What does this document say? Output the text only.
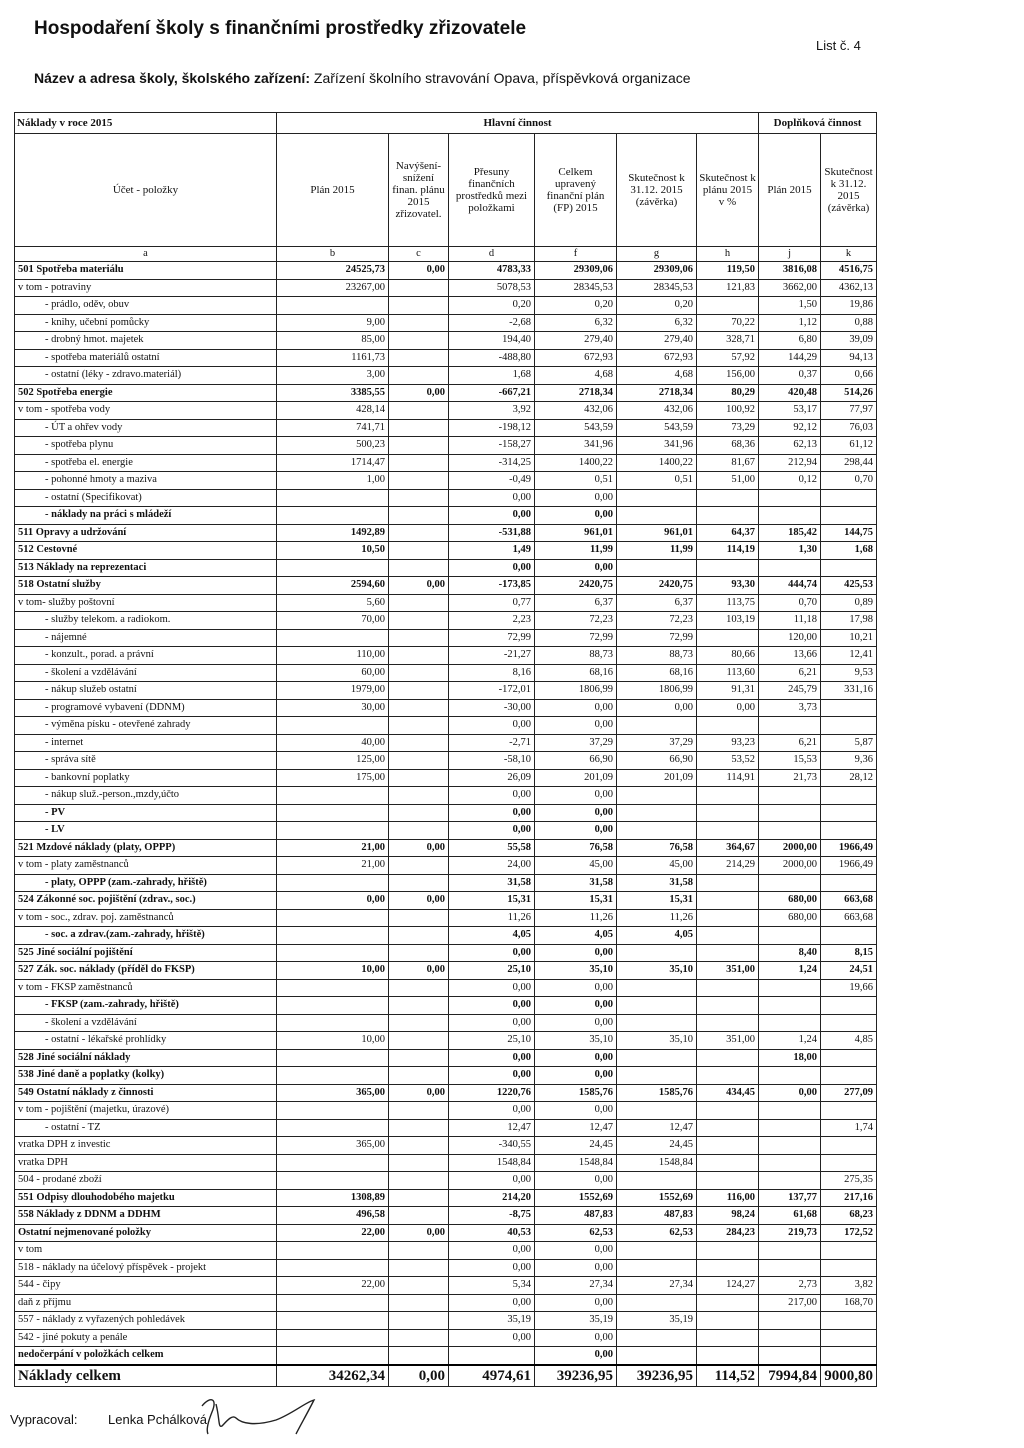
Hospodaření školy s finančními prostředky zřizovatele
List č. 4
Název a adresa školy, školského zařízení: Zařízení školního stravování Opava, příspěvková organizace
Náklady v roce 2015	Hlavní činnost						Doplňková činnost	
Účet - položky	Plán 2015	Navýšení-snížení finan. plánu 2015 zřizovatel.	Přesuny finančních prostředků mezi položkami	Celkem upravený finanční plán (FP) 2015	Skutečnost k 31.12. 2015 (závěrka)	Skutečnost k plánu 2015 v %	Plán 2015	Skutečnost k 31.12. 2015 (závěrka)
a	b	c	d	f	g	h	j	k
501 Spotřeba materiálu	24525,73	0,00	4783,33	29309,06	29309,06	119,50	3816,08	4516,75
v tom - potraviny	23267,00		5078,53	28345,53	28345,53	121,83	3662,00	4362,13
- prádlo, oděv, obuv			0,20	0,20	0,20		1,50	19,86
- knihy, učební pomůcky	9,00		-2,68	6,32	6,32	70,22	1,12	0,88
- drobný hmot. majetek	85,00		194,40	279,40	279,40	328,71	6,80	39,09
- spotřeba materiálů ostatní	1161,73		-488,80	672,93	672,93	57,92	144,29	94,13
- ostatní (léky - zdravo.materiál)	3,00		1,68	4,68	4,68	156,00	0,37	0,66
502 Spotřeba energie	3385,55	0,00	-667,21	2718,34	2718,34	80,29	420,48	514,26
v tom - spotřeba vody	428,14		3,92	432,06	432,06	100,92	53,17	77,97
- ÚT a ohřev vody	741,71		-198,12	543,59	543,59	73,29	92,12	76,03
- spotřeba plynu	500,23		-158,27	341,96	341,96	68,36	62,13	61,12
- spotřeba el. energie	1714,47		-314,25	1400,22	1400,22	81,67	212,94	298,44
- pohonné hmoty a maziva	1,00		-0,49	0,51	0,51	51,00	0,12	0,70
- ostatní (Specifikovat)			0,00	0,00				
- náklady na práci s mládeží			0,00	0,00				
511 Opravy a udržování	1492,89		-531,88	961,01	961,01	64,37	185,42	144,75
512 Cestovné	10,50		1,49	11,99	11,99	114,19	1,30	1,68
513 Náklady na reprezentaci			0,00	0,00				
518 Ostatní služby	2594,60	0,00	-173,85	2420,75	2420,75	93,30	444,74	425,53
v tom- služby poštovní	5,60		0,77	6,37	6,37	113,75	0,70	0,89
- služby telekom. a radiokom.	70,00		2,23	72,23	72,23	103,19	11,18	17,98
- nájemné			72,99	72,99	72,99		120,00	10,21
- konzult., porad. a právní	110,00		-21,27	88,73	88,73	80,66	13,66	12,41
- školení a vzdělávání	60,00		8,16	68,16	68,16	113,60	6,21	9,53
- nákup služeb ostatní	1979,00		-172,01	1806,99	1806,99	91,31	245,79	331,16
- programové vybavení (DDNM)	30,00		-30,00	0,00	0,00	0,00	3,73	
- výměna písku - otevřené zahrady			0,00	0,00				
- internet	40,00		-2,71	37,29	37,29	93,23	6,21	5,87
- správa sítě	125,00		-58,10	66,90	66,90	53,52	15,53	9,36
- bankovní poplatky	175,00		26,09	201,09	201,09	114,91	21,73	28,12
- nákup služ.-person.,mzdy,účto			0,00	0,00				
- PV			0,00	0,00				
- LV			0,00	0,00				
521 Mzdové náklady (platy, OPPP)	21,00	0,00	55,58	76,58	76,58	364,67	2000,00	1966,49
v tom - platy zaměstnanců	21,00		24,00	45,00	45,00	214,29	2000,00	1966,49
- platy, OPPP (zam.-zahrady, hřiště)			31,58	31,58	31,58			
524 Zákonné soc. pojištění (zdrav., soc.)	0,00	0,00	15,31	15,31	15,31		680,00	663,68
v tom - soc., zdrav. poj. zaměstnanců			11,26	11,26	11,26		680,00	663,68
- soc. a zdrav.(zam.-zahrady, hřiště)			4,05	4,05	4,05			
525 Jiné sociální pojištění			0,00	0,00			8,40	8,15
527 Zák. soc. náklady (příděl do FKSP)	10,00	0,00	25,10	35,10	35,10	351,00	1,24	24,51
v tom - FKSP zaměstnanců			0,00	0,00				19,66
- FKSP (zam.-zahrady, hřiště)			0,00	0,00				
- školení a vzdělávání			0,00	0,00				
- ostatní - lékařské prohlídky	10,00		25,10	35,10	35,10	351,00	1,24	4,85
528 Jiné sociální náklady			0,00	0,00			18,00	
538 Jiné daně a poplatky (kolky)			0,00	0,00				
549 Ostatní náklady z činnosti	365,00	0,00	1220,76	1585,76	1585,76	434,45	0,00	277,09
v tom - pojištění (majetku, úrazové)			0,00	0,00				
- ostatní - TZ			12,47	12,47	12,47			1,74
vratka DPH z investic	365,00		-340,55	24,45	24,45			
vratka DPH			1548,84	1548,84	1548,84			
504 - prodané zboží			0,00	0,00				275,35
551 Odpisy dlouhodobého majetku	1308,89		214,20	1552,69	1552,69	116,00	137,77	217,16
558 Náklady z DDNM a DDHM	496,58		-8,75	487,83	487,83	98,24	61,68	68,23
Ostatní nejmenované položky	22,00	0,00	40,53	62,53	62,53	284,23	219,73	172,52
v tom			0,00	0,00				
518 - náklady na účelový příspěvek - projekt			0,00	0,00				
544 - čipy	22,00		5,34	27,34	27,34	124,27	2,73	3,82
daň z příjmu			0,00	0,00			217,00	168,70
557 - náklady z vyřazených pohledávek			35,19	35,19	35,19			
542 - jiné pokuty a penále			0,00	0,00				
nedočerpání v položkách celkem				0,00				
Náklady celkem	34262,34	0,00	4974,61	39236,95	39236,95	114,52	7994,84	9000,80
Vypracoval: Lenka Pchálková
